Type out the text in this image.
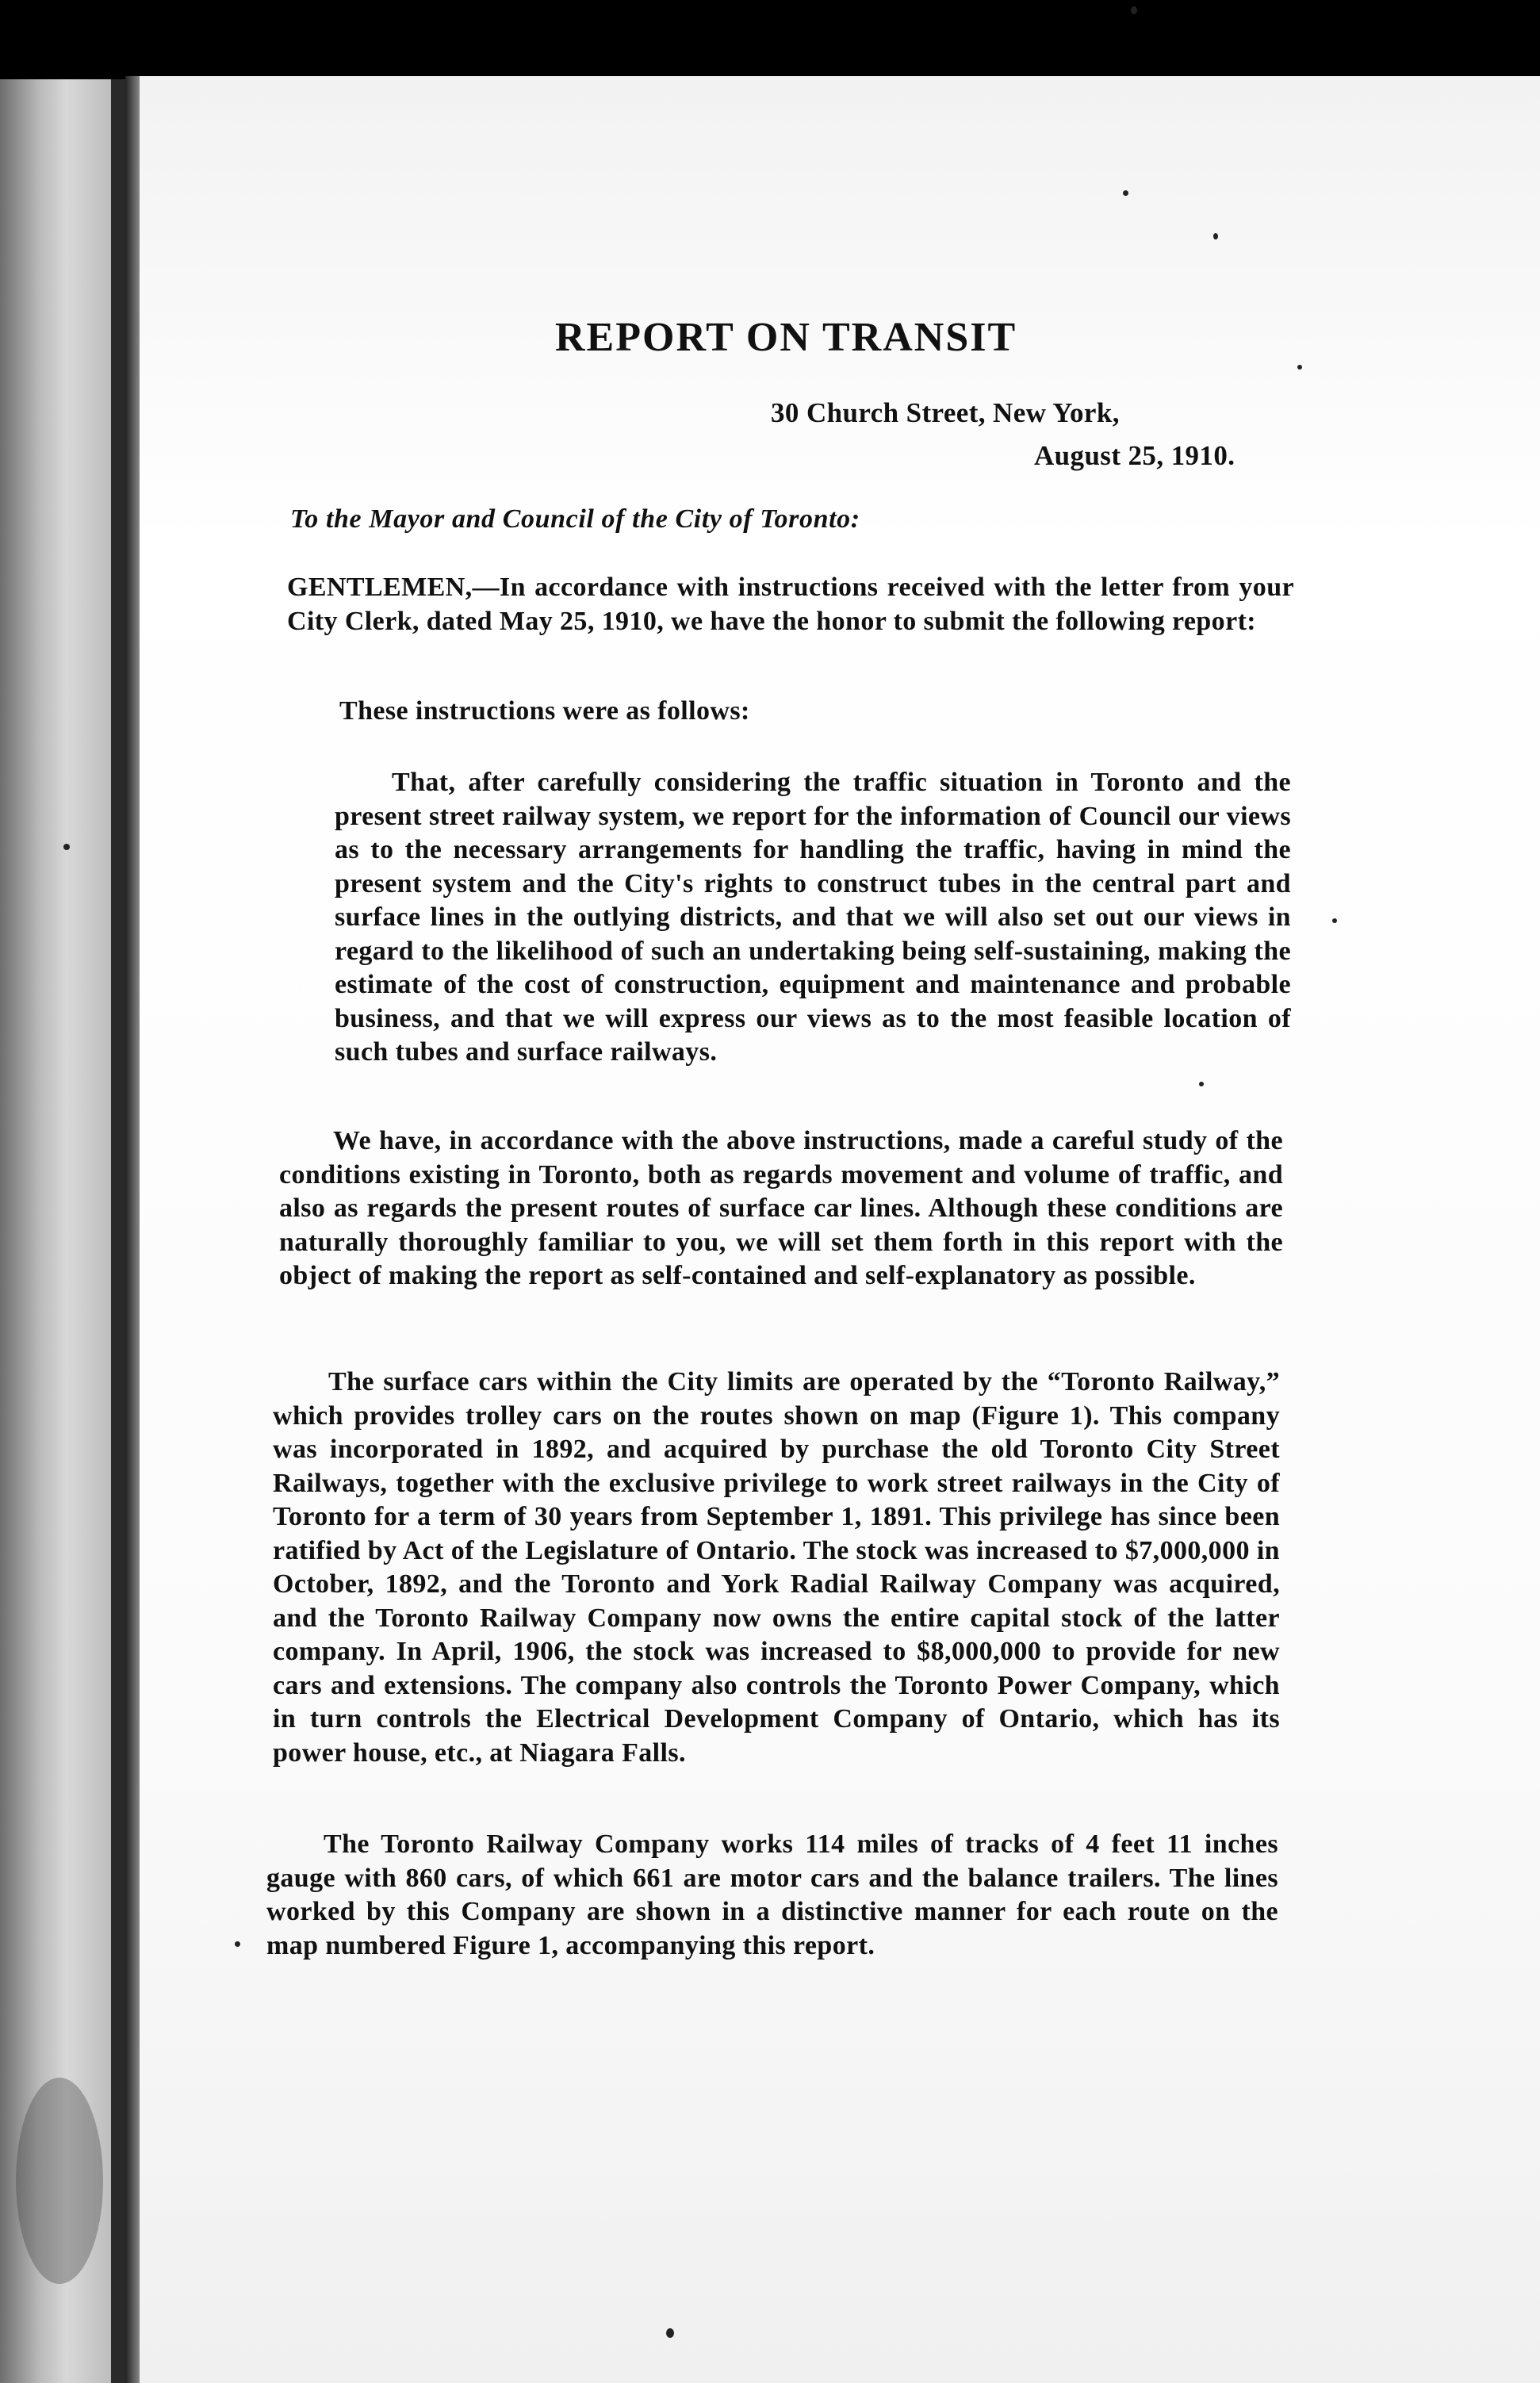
REPORT ON TRANSIT
30 Church Street, New York,
August 25, 1910.
To the Mayor and Council of the City of Toronto:

GENTLEMEN,—In accordance with instructions received with the letter from your City Clerk, dated May 25, 1910, we have the honor to submit the following report:

These instructions were as follows:

That, after carefully considering the traffic situation in Toronto and the present street railway system, we report for the information of Council our views as to the necessary arrangements for handling the traffic, having in mind the present system and the City's rights to construct tubes in the central part and surface lines in the outlying districts, and that we will also set out our views in regard to the likelihood of such an undertaking being self-sustaining, making the estimate of the cost of construction, equipment and maintenance and probable business, and that we will express our views as to the most feasible location of such tubes and surface railways.

We have, in accordance with the above instructions, made a careful study of the conditions existing in Toronto, both as regards movement and volume of traffic, and also as regards the present routes of surface car lines. Although these conditions are naturally thoroughly familiar to you, we will set them forth in this report with the object of making the report as self-contained and self-explanatory as possible.

The surface cars within the City limits are operated by the “Toronto Railway,” which provides trolley cars on the routes shown on map (Figure 1). This company was incorporated in 1892, and acquired by purchase the old Toronto City Street Railways, together with the exclusive privilege to work street railways in the City of Toronto for a term of 30 years from September 1, 1891. This privilege has since been ratified by Act of the Legislature of Ontario. The stock was increased to $7,000,000 in October, 1892, and the Toronto and York Radial Railway Company was acquired, and the Toronto Railway Company now owns the entire capital stock of the latter company. In April, 1906, the stock was increased to $8,000,000 to provide for new cars and extensions. The company also controls the Toronto Power Company, which in turn controls the Electrical Development Company of Ontario, which has its power house, etc., at Niagara Falls.

The Toronto Railway Company works 114 miles of tracks of 4 feet 11 inches gauge with 860 cars, of which 661 are motor cars and the balance trailers. The lines worked by this Company are shown in a distinctive manner for each route on the map numbered Figure 1, accompanying this report.
